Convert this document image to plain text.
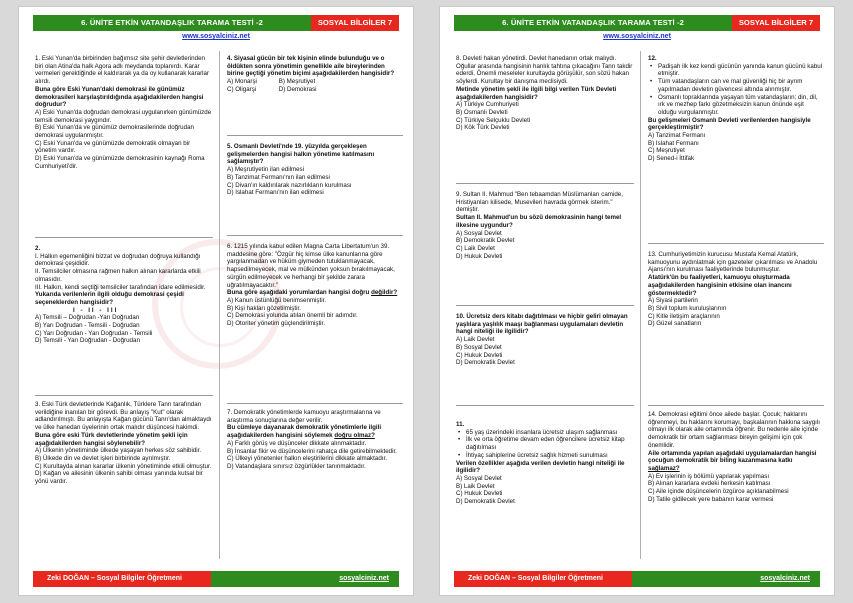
6. ÜNİTE ETKİN VATANDAŞLIK TARAMA TESTİ -2	SOSYAL BİLGİLER 7
www.sosyalciniz.net

1. Eski Yunan'da birbirinden bağımsız site şehir devletlerinden biri olan Atina'da halk Agora adlı meydanda toplanırdı. Karar vermeleri gerektiğinde el kaldırarak ya da oy kullanarak kararlar alırdı.

Buna göre Eski Yunan'daki demokrasi ile günümüz demokrasileri karşılaştırıldığında aşağıdakilerden hangisi doğrudur?

A) Eski Yunan'da doğrudan demokrasi uygulanırken günümüzde temsili demokrasi yaygındır.

B) Eski Yunan'da ve günümüz demokrasilerinde doğrudan demokrasi uygulanmıştır.

C) Eski Yunan'da ve günümüzde demokratik olmayan bir yönetim vardır.

D) Eski Yunan'da ve günümüzde demokrasinin kaynağı Roma Cumhuriyeti'dir.

2.

I. Halkın egemenliğini bizzat ve doğrudan doğruya kullandığı demokrasi çeşididir.

II. Temsilciler olmasına rağmen halkın alınan kararlarda etkili olmasıdır.

III. Halkın, kendi seçtiği temsilciler tarafından idare edilmesidir.

Yukarıda verilenlerin ilgili olduğu demokrasi çeşidi seçeneklerden hangisidir?

I - II - III

A) Temsili – Doğrudan -Yarı Doğrudan

B) Yarı Doğrudan - Temsili - Doğrudan

C) Yarı Doğrudan - Yarı Doğrudan - Temsili

D) Temsili - Yarı Doğrudan - Doğrudan

3. Eski Türk devletlerinde Kağanlık, Türklere Tanrı tarafından verildiğine inanılan bir görevdi. Bu anlayış "Kut" olarak adlandırılmıştı. Bu anlayışta Kağan gücünü Tanrı'dan almaktaydı ve ülke hanedan üyelerinin ortak malıdır düşüncesi hakimdi.

Buna göre eski Türk devletlerinde yönetim şekli için aşağıdakilerden hangisi söylenebilir?

A) Ülkenin yönetiminde ülkede yaşayan herkes söz sahibidir.

B) Ülkede din ve devlet işleri birbirinde ayrılmıştır.

C) Kurultayda alınan kararlar ülkenin yönetiminde etkili olmuştur.

D) Kağan ve ailesinin ülkenin sahibi olması yanında kutsal bir yönü vardır.

4. Siyasal gücün bir tek kişinin elinde bulunduğu ve o öldükten sonra yönetimin genellikle aile bireylerinden birine geçtiği yönetim biçimi aşağıdakilerden hangisidir?

A) Monarşi	B) Meşrutiyet

C) Oligarşi	D) Demokrasi

5. Osmanlı Devleti'nde 19. yüzyılda gerçekleşen gelişmelerden hangisi halkın yönetime katılmasını sağlamıştır?

A) Meşrutiyetin ilan edilmesi

B) Tanzimat Fermanı'nın ilan edilmesi

C) Divan'ın kaldırılarak nazırlıkların kurulması

D) Islahat Fermanı'nın ilan edilmesi

6. 1215 yılında kabul edilen Magna Carta Libertatum'un 39. maddesine göre: "Özgür hiç kimse ülke kanunlarına göre yargılanmadan ve hüküm giymeden tutuklanmayacak, hapsedilmeyecek, mal ve mülkünden yoksun bırakılmayacak, sürgün edilmeyecek ve herhangi bir şekilde zarara uğratılmayacaktır."

Buna göre aşağıdaki yorumlardan hangisi doğru değildir?

A) Kanun üstünlüğü benimsenmiştir.

B) Kişi hakları gözetilmiştir.

C) Demokrasi yolunda atılan önemli bir adımdır.

D) Otoriter yönetim güçlendirilmiştir.

7. Demokratik yönetimlerde kamuoyu araştırmalarına ve araştırma sonuçlarına değer verilir.

Bu cümleye dayanarak demokratik yönetimlerle ilgili aşağıdakilerden hangisini söylemek doğru olmaz?

A) Farklı görüş ve düşünceler dikkate alınmaktadır.

B) İnsanlar fikir ve düşüncelerini rahatça dile getirebilmektedir.

C) Ülkeyi yönetenler halkın eleştirilerini dikkate almaktadır.

D) Vatandaşlara sınırsız özgürlükler tanınmaktadır.

Zeki DOĞAN – Sosyal Bilgiler Öğretmeni	sosyalciniz.net
6. ÜNİTE ETKİN VATANDAŞLIK TARAMA TESTİ -2	SOSYAL BİLGİLER 7
www.sosyalciniz.net

8. Devleti hakan yönetirdi. Devlet hanedanın ortak malıydı. Oğullar arasında hangisinin hanlık tahtına çıkacağını Tanrı takdir ederdi. Önemli meseleler kurultayda görüşülür, son sözü hakan söylerdi. Kurultay bir danışma meclisiydi.

Metinde yönetim şekli ile ilgili bilgi verilen Türk Devleti aşağıdakilerden hangisidir?

A) Türkiye Cumhuriyeti

B) Osmanlı Devleti

C) Türkiye Selçuklu Devleti

D) Kök Türk Devleti

9. Sultan II. Mahmud "Ben tebaamdan Müslümanları camide, Hristiyanları kilisede, Musevileri havrada görmek isterim." demiştir.

Sultan II. Mahmud'un bu sözü demokrasinin hangi temel ilkesine uygundur?

A) Sosyal Devlet

B) Demokratik Devlet

C) Laik Devlet

D) Hukuk Devleti

10. Ücretsiz ders kitabı dağıtılması ve hiçbir geliri olmayan yaşlılara yaşlılık maaşı bağlanması uygulamaları devletin hangi niteliği ile ilgilidir?

A) Laik Devlet

B) Sosyal Devlet

C) Hukuk Devleti

D) Demokratik Devlet

11.

• 65 yaş üzerindeki insanlara ücretsiz ulaşım sağlanması
• İlk ve orta öğretime devam eden öğrencilere ücretsiz kitap dağıtılması
• İhtiyaç sahiplerine ücretsiz sağlık hizmeti sunulması

Verilen özellikler aşağıda verilen devletin hangi niteliği ile ilgilidir?

A) Sosyal Devlet

B) Laik Devlet

C) Hukuk Devleti

D) Demokratik Devlet

12.

• Padişah ilk kez kendi gücünün yanında kanun gücünü kabul etmiştir.
• Tüm vatandaşların can ve mal güvenliği hiç bir ayrım yapılmadan devletin güvencesi altında alınmıştır.
• Osmanlı topraklarında yaşayan tüm vatandaşların; din, dil, ırk ve mezhep farkı gözetmeksizin kanun önünde eşit olduğu vurgulanmıştır.

Bu gelişmeleri Osmanlı Devleti verilenlerden hangisiyle gerçekleştirmiştir?

A) Tanzimat Fermanı

B) Islahat Fermanı

C) Meşrutiyet

D) Sened-i İttifak

13. Cumhuriyetimizin kurucusu Mustafa Kemal Atatürk, kamuoyunu aydınlatmak için gazeteler çıkarılması ve Anadolu Ajansı'nın kurulması faaliyetlerinde bulunmuştur.

Atatürk'ün bu faaliyetleri, kamuoyu oluşturmada aşağıdakilerden hangisinin etkisine olan inancını göstermektedir?

A) Siyasi partilerin

B) Sivil toplum kuruluşlarının

C) Kitle iletişim araçlarının

D) Güzel sanatların

14. Demokrasi eğitimi önce ailede başlar. Çocuk; haklarını öğrenmeyi, bu haklarını korumayı, başkalarının hakkına saygılı olmayı ilk olarak aile ortamında öğrenir. Bu nedenle aile içinde demokratik bir ortam sağlanması bireyin gelişimi için çok önemlidir.

Aile ortamında yapılan aşağıdaki uygulamalardan hangisi çocuğun demokratik bir biling kazanmasına katkı sağlamaz?

A) Ev işlerinin iş bölümü yapılarak yapılması

B) Alınan kararlara evdeki herkesin katılması

C) Aile içinde düşüncelerin özgürce açıklanabilmesi

D) Tatile gidilecek yere babanın karar vermesi

Zeki DOĞAN – Sosyal Bilgiler Öğretmeni	sosyalciniz.net
